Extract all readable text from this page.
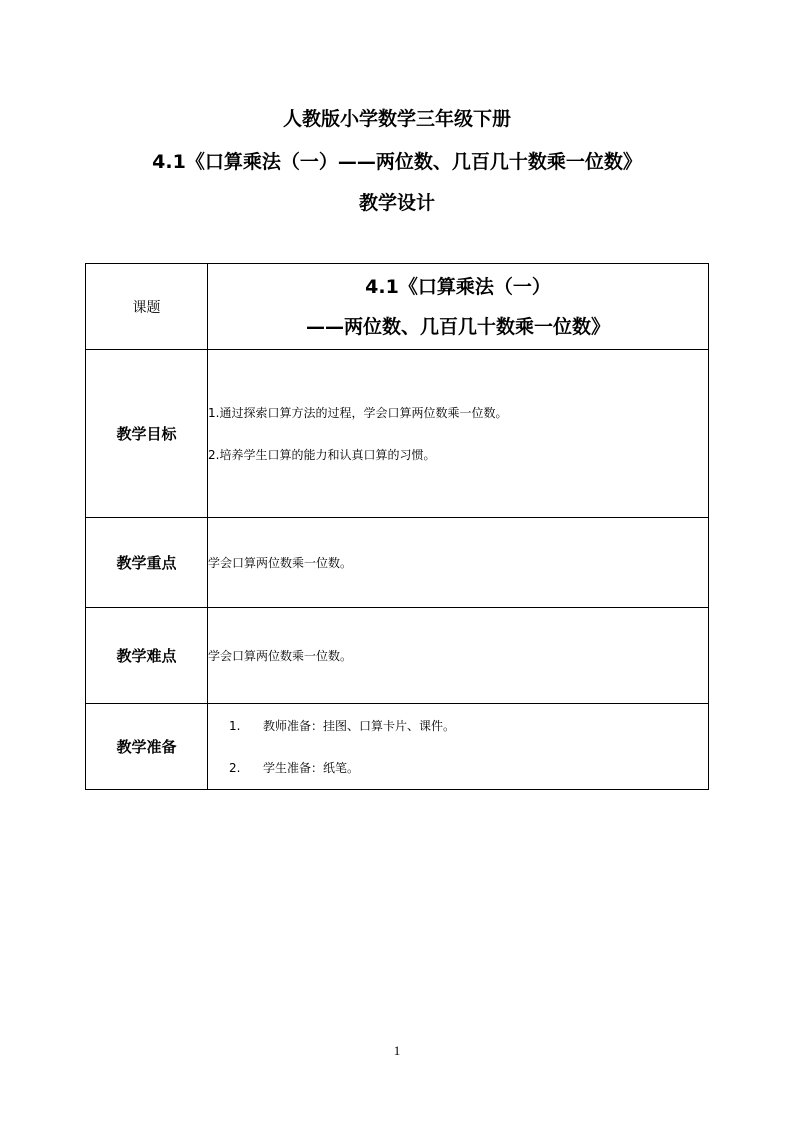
人教版小学数学三年级下册
4.1《口算乘法（一）——两位数、几百几十数乘一位数》
教学设计
课题	4.1《口算乘法（一）
——两位数、几百几十数乘一位数》

教学目标	1.通过探索口算方法的过程，学会口算两位数乘一位数。
2.培养学生口算的能力和认真口算的习惯。

教学重点	学会口算两位数乘一位数。
教学难点	学会口算两位数乘一位数。
教学准备	1. 教师准备：挂图、口算卡片、课件。
2. 学生准备：纸笔。
1
